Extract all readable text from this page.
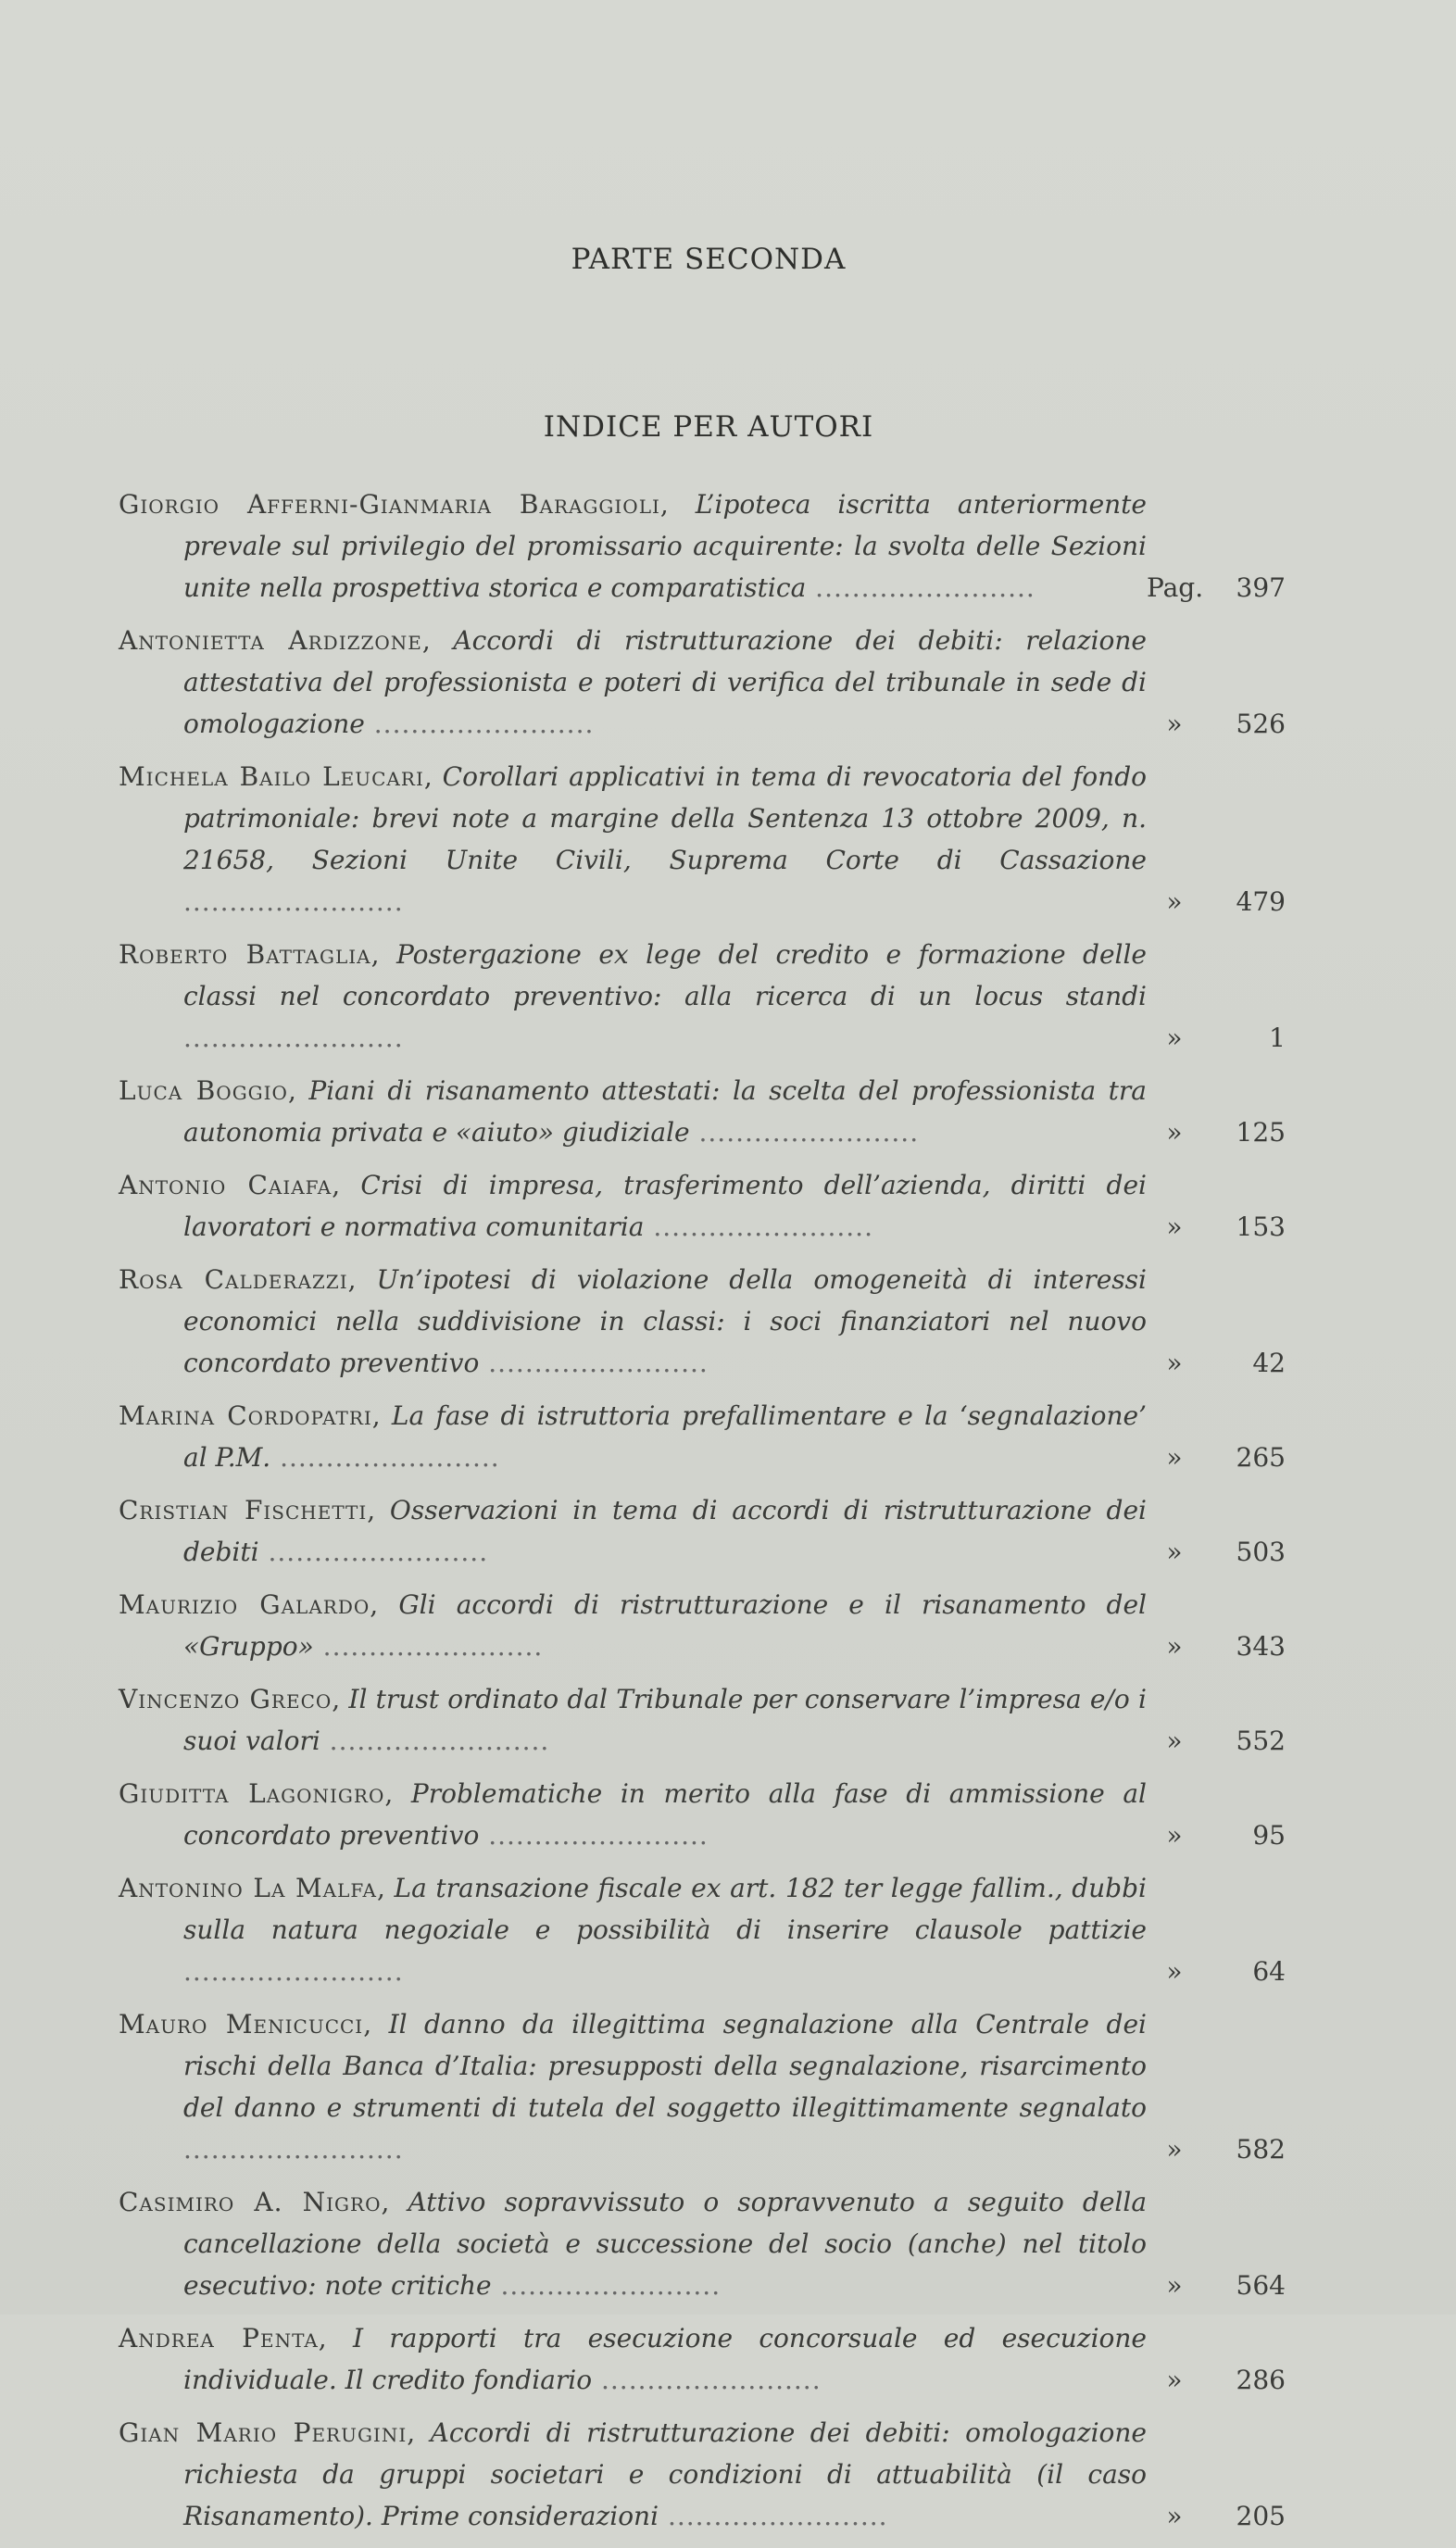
PARTE SECONDA
INDICE PER AUTORI
Giorgio Afferni-Gianmaria Baraggioli, L’ipoteca iscritta anteriormente prevale sul privilegio del promissario acquirente: la svolta delle Sezioni unite nella prospettiva storica e comparatistica ........................	Pag.	397
Antonietta Ardizzone, Accordi di ristrutturazione dei debiti: relazione attestativa del professionista e poteri di verifica del tribunale in sede di omologazione ........................	»	526
Michela Bailo Leucari, Corollari applicativi in tema di revocatoria del fondo patrimoniale: brevi note a margine della Sentenza 13 ottobre 2009, n. 21658, Sezioni Unite Civili, Suprema Corte di Cassazione ........................	»	479
Roberto Battaglia, Postergazione ex lege del credito e formazione delle classi nel concordato preventivo: alla ricerca di un locus standi ........................	»	1
Luca Boggio, Piani di risanamento attestati: la scelta del professionista tra autonomia privata e «aiuto» giudiziale ........................	»	125
Antonio Caiafa, Crisi di impresa, trasferimento dell’azienda, diritti dei lavoratori e normativa comunitaria ........................	»	153
Rosa Calderazzi, Un’ipotesi di violazione della omogeneità di interessi economici nella suddivisione in classi: i soci finanziatori nel nuovo concordato preventivo ........................	»	42
Marina Cordopatri, La fase di istruttoria prefallimentare e la ‘segnalazione’ al P.M. ........................	»	265
Cristian Fischetti, Osservazioni in tema di accordi di ristrutturazione dei debiti ........................	»	503
Maurizio Galardo, Gli accordi di ristrutturazione e il risanamento del «Gruppo» ........................	»	343
Vincenzo Greco, Il trust ordinato dal Tribunale per conservare l’impresa e/o i suoi valori ........................	»	552
Giuditta Lagonigro, Problematiche in merito alla fase di ammissione al concordato preventivo ........................	»	95
Antonino La Malfa, La transazione fiscale ex art. 182 ter legge fallim., dubbi sulla natura negoziale e possibilità di inserire clausole pattizie ........................	»	64
Mauro Menicucci, Il danno da illegittima segnalazione alla Centrale dei rischi della Banca d’Italia: presupposti della segnalazione, risarcimento del danno e strumenti di tutela del soggetto illegittimamente segnalato ........................	»	582
Casimiro A. Nigro, Attivo sopravvissuto o sopravvenuto a seguito della cancellazione della società e successione del socio (anche) nel titolo esecutivo: note critiche ........................	»	564
Andrea Penta, I rapporti tra esecuzione concorsuale ed esecuzione individuale. Il credito fondiario ........................	»	286
Gian Mario Perugini, Accordi di ristrutturazione dei debiti: omologazione richiesta da gruppi societari e condizioni di attuabilità (il caso Risanamento). Prime considerazioni ........................	»	205
